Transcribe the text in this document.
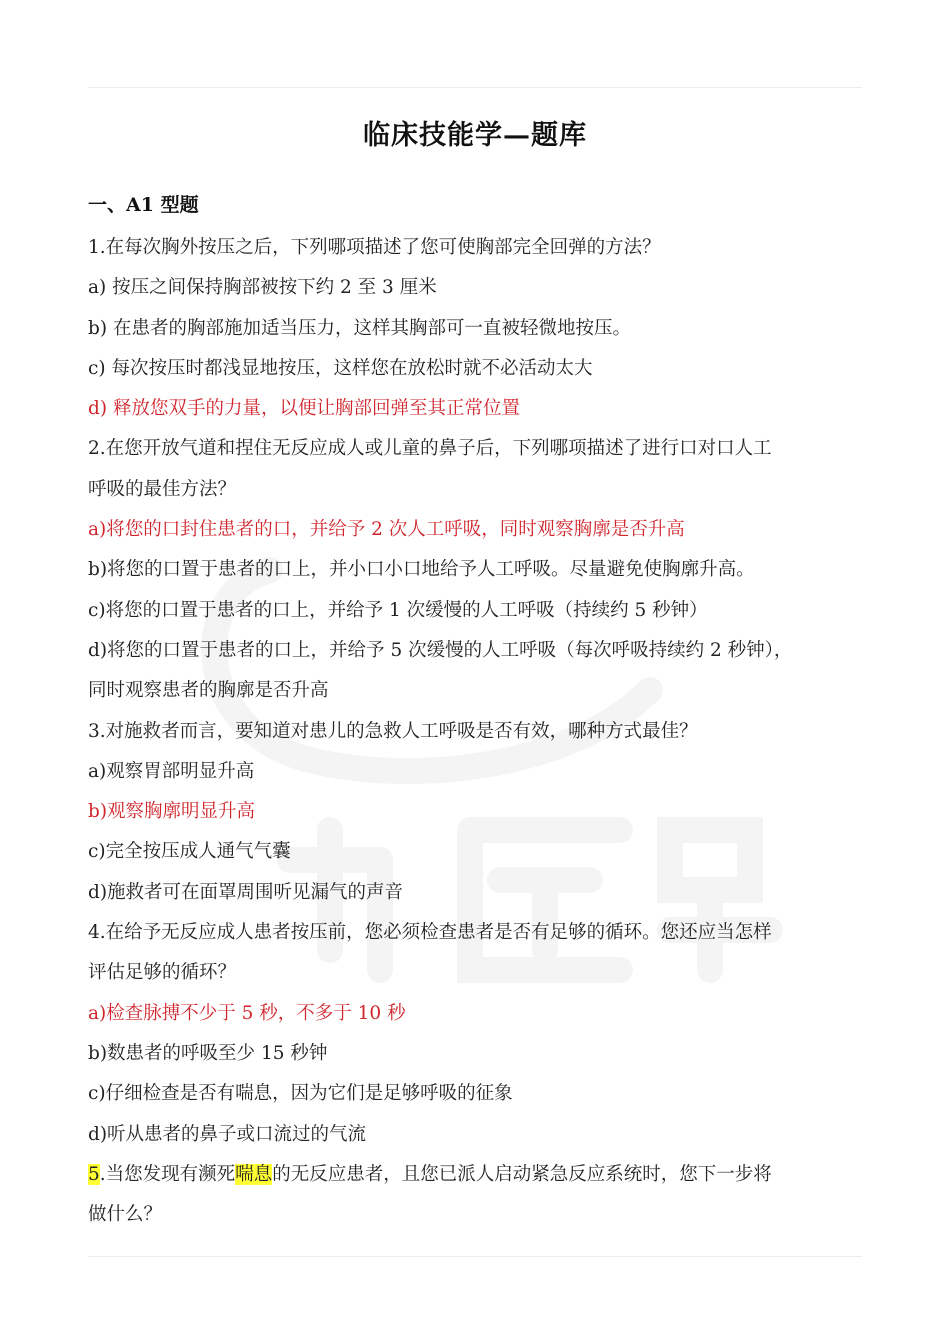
临床技能学—题库
一、A1 型题
1.在每次胸外按压之后，下列哪项描述了您可使胸部完全回弹的方法？
a) 按压之间保持胸部被按下约 2 至 3 厘米
b) 在患者的胸部施加适当压力，这样其胸部可一直被轻微地按压。
c) 每次按压时都浅显地按压，这样您在放松时就不必活动太大
d) 释放您双手的力量，以便让胸部回弹至其正常位置
2.在您开放气道和捏住无反应成人或儿童的鼻子后，下列哪项描述了进行口对口人工
呼吸的最佳方法？
a)将您的口封住患者的口，并给予 2 次人工呼吸，同时观察胸廓是否升高
b)将您的口置于患者的口上，并小口小口地给予人工呼吸。尽量避免使胸廓升高。
c)将您的口置于患者的口上，并给予 1 次缓慢的人工呼吸（持续约 5 秒钟）
d)将您的口置于患者的口上，并给予 5 次缓慢的人工呼吸（每次呼吸持续约 2 秒钟），
同时观察患者的胸廓是否升高
3.对施救者而言，要知道对患儿的急救人工呼吸是否有效，哪种方式最佳？
a)观察胃部明显升高
b)观察胸廓明显升高
c)完全按压成人通气气囊
d)施救者可在面罩周围听见漏气的声音
4.在给予无反应成人患者按压前，您必须检查患者是否有足够的循环。您还应当怎样
评估足够的循环？
a)检查脉搏不少于 5 秒，不多于 10 秒
b)数患者的呼吸至少 15 秒钟
c)仔细检查是否有喘息，因为它们是足够呼吸的征象
d)听从患者的鼻子或口流过的气流
5.当您发现有濒死喘息的无反应患者，且您已派人启动紧急反应系统时，您下一步将
做什么？
